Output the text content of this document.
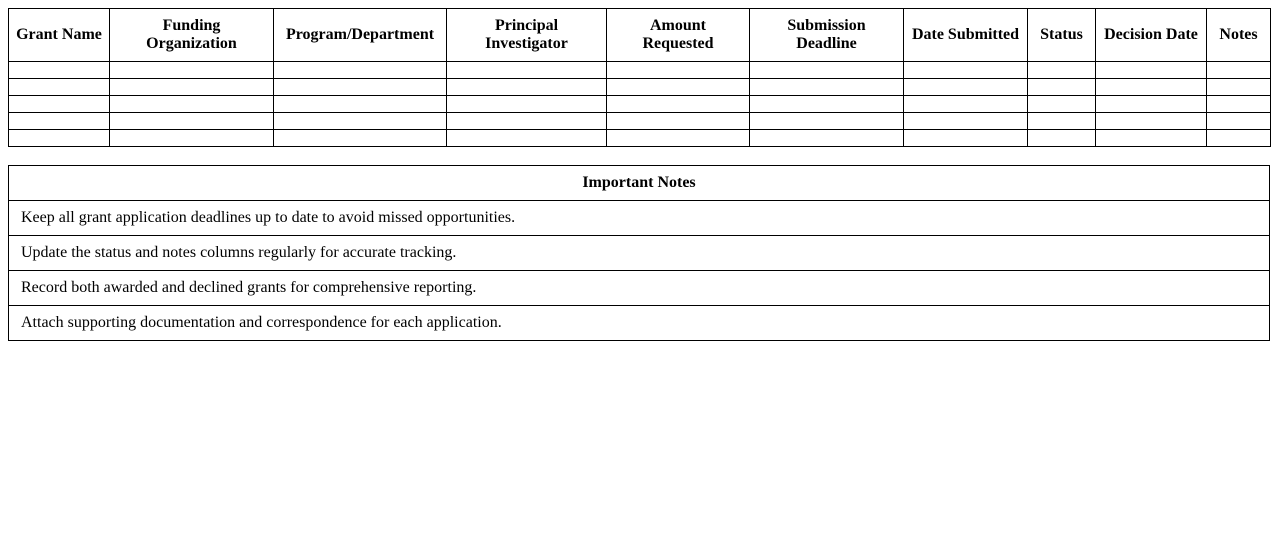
Grant Name	Funding Organization	Program/Department	Principal Investigator	Amount Requested	Submission Deadline	Date Submitted	Status	Decision Date	Notes

Important Notes
Keep all grant application deadlines up to date to avoid missed opportunities.
Update the status and notes columns regularly for accurate tracking.
Record both awarded and declined grants for comprehensive reporting.
Attach supporting documentation and correspondence for each application.
